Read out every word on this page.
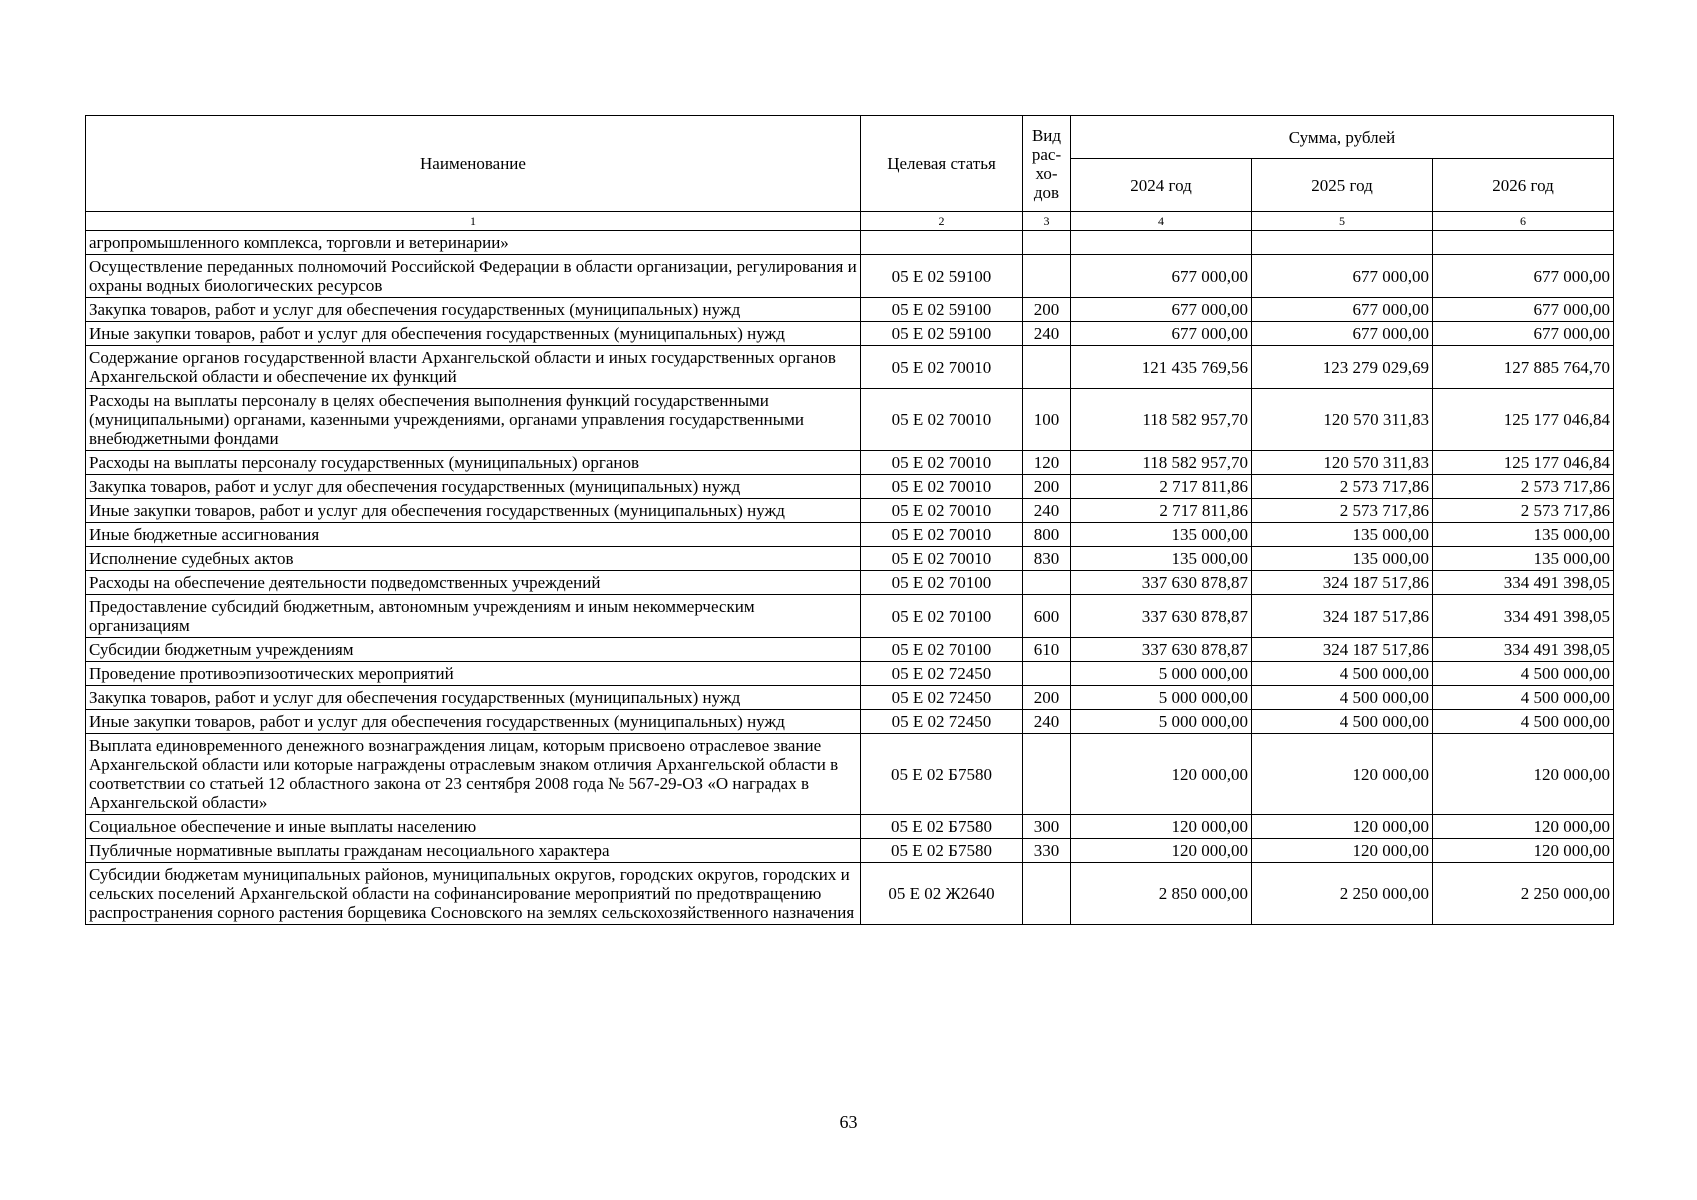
Наименование	Целевая статья	Вид рас-хо-дов	Сумма, рублей		
			2024 год	2025 год	2026 год
1	2	3	4	5	6
агропромышленного комплекса, торговли и ветеринарии»					
Осуществление переданных полномочий Российской Федерации в области организации, регулирования и охраны водных биологических ресурсов	05 Е 02 59100		677 000,00	677 000,00	677 000,00
Закупка товаров, работ и услуг для обеспечения государственных (муниципальных) нужд	05 Е 02 59100	200	677 000,00	677 000,00	677 000,00
Иные закупки товаров, работ и услуг для обеспечения государственных (муниципальных) нужд	05 Е 02 59100	240	677 000,00	677 000,00	677 000,00
Содержание органов государственной власти Архангельской области и иных государственных органов Архангельской области и обеспечение их функций	05 Е 02 70010		121 435 769,56	123 279 029,69	127 885 764,70
Расходы на выплаты персоналу в целях обеспечения выполнения функций государственными (муниципальными) органами, казенными учреждениями, органами управления государственными внебюджетными фондами	05 Е 02 70010	100	118 582 957,70	120 570 311,83	125 177 046,84
Расходы на выплаты персоналу государственных (муниципальных) органов	05 Е 02 70010	120	118 582 957,70	120 570 311,83	125 177 046,84
Закупка товаров, работ и услуг для обеспечения государственных (муниципальных) нужд	05 Е 02 70010	200	2 717 811,86	2 573 717,86	2 573 717,86
Иные закупки товаров, работ и услуг для обеспечения государственных (муниципальных) нужд	05 Е 02 70010	240	2 717 811,86	2 573 717,86	2 573 717,86
Иные бюджетные ассигнования	05 Е 02 70010	800	135 000,00	135 000,00	135 000,00
Исполнение судебных актов	05 Е 02 70010	830	135 000,00	135 000,00	135 000,00
Расходы на обеспечение деятельности подведомственных учреждений	05 Е 02 70100		337 630 878,87	324 187 517,86	334 491 398,05
Предоставление субсидий бюджетным, автономным учреждениям и иным некоммерческим организациям	05 Е 02 70100	600	337 630 878,87	324 187 517,86	334 491 398,05
Субсидии бюджетным учреждениям	05 Е 02 70100	610	337 630 878,87	324 187 517,86	334 491 398,05
Проведение противоэпизоотических мероприятий	05 Е 02 72450		5 000 000,00	4 500 000,00	4 500 000,00
Закупка товаров, работ и услуг для обеспечения государственных (муниципальных) нужд	05 Е 02 72450	200	5 000 000,00	4 500 000,00	4 500 000,00
Иные закупки товаров, работ и услуг для обеспечения государственных (муниципальных) нужд	05 Е 02 72450	240	5 000 000,00	4 500 000,00	4 500 000,00
Выплата единовременного денежного вознаграждения лицам, которым присвоено отраслевое звание Архангельской области или которые награждены отраслевым знаком отличия Архангельской области в соответствии со статьей 12 областного закона от 23 сентября 2008 года № 567-29-ОЗ «О наградах в Архангельской области»	05 Е 02 Б7580		120 000,00	120 000,00	120 000,00
Социальное обеспечение и иные выплаты населению	05 Е 02 Б7580	300	120 000,00	120 000,00	120 000,00
Публичные нормативные выплаты гражданам несоциального характера	05 Е 02 Б7580	330	120 000,00	120 000,00	120 000,00
Субсидии бюджетам муниципальных районов, муниципальных округов, городских округов, городских и сельских поселений Архангельской области на софинансирование мероприятий по предотвращению распространения сорного растения борщевика Сосновского на землях сельскохозяйственного назначения	05 Е 02 Ж2640		2 850 000,00	2 250 000,00	2 250 000,00
63
